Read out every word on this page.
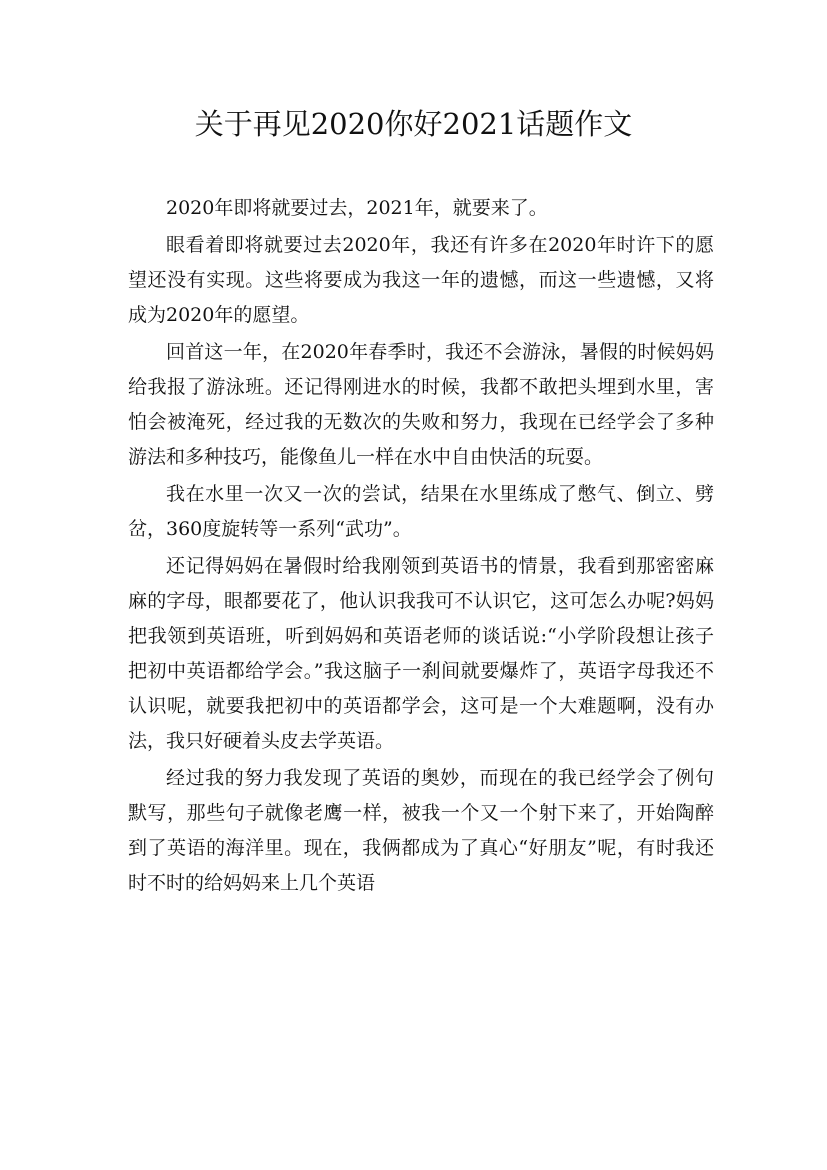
关于再见2020你好2021话题作文

2020年即将就要过去，2021年，就要来了。

眼看着即将就要过去2020年，我还有许多在2020年时许下的愿望还没有实现。这些将要成为我这一年的遗憾，而这一些遗憾，又将成为2020年的愿望。

回首这一年，在2020年春季时，我还不会游泳，暑假的时候妈妈给我报了游泳班。还记得刚进水的时候，我都不敢把头埋到水里，害怕会被淹死，经过我的无数次的失败和努力，我现在已经学会了多种游法和多种技巧，能像鱼儿一样在水中自由快活的玩耍。

我在水里一次又一次的尝试，结果在水里练成了憋气、倒立、劈岔，360度旋转等一系列“武功”。

还记得妈妈在暑假时给我刚领到英语书的情景，我看到那密密麻麻的字母，眼都要花了，他认识我我可不认识它，这可怎么办呢?妈妈把我领到英语班，听到妈妈和英语老师的谈话说:“小学阶段想让孩子把初中英语都给学会。”我这脑子一刹间就要爆炸了，英语字母我还不认识呢，就要我把初中的英语都学会，这可是一个大难题啊，没有办法，我只好硬着头皮去学英语。

经过我的努力我发现了英语的奥妙，而现在的我已经学会了例句默写，那些句子就像老鹰一样，被我一个又一个射下来了，开始陶醉到了英语的海洋里。现在，我俩都成为了真心“好朋友”呢，有时我还时不时的给妈妈来上几个英语
